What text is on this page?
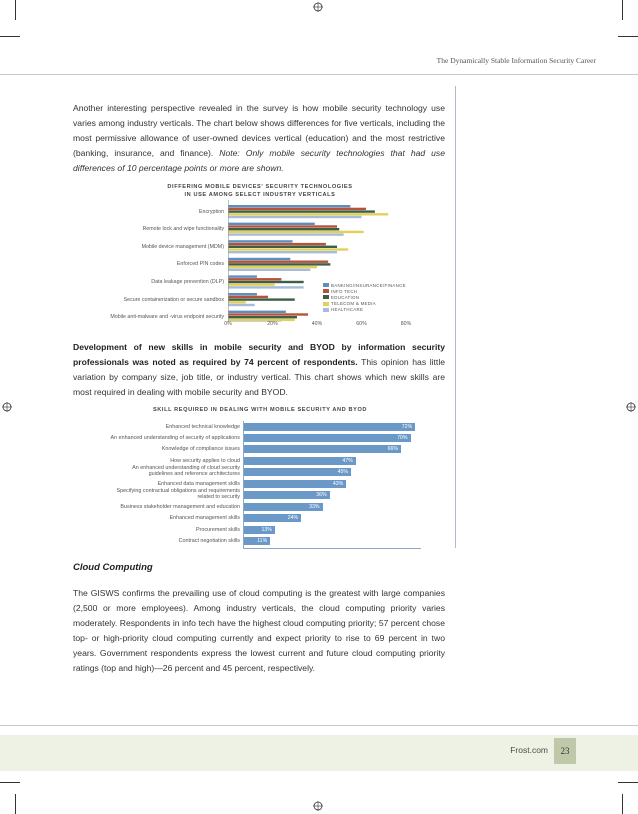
The Dynamically Stable Information Security Career

Another interesting perspective revealed in the survey is how mobile security technology use varies among industry verticals. The chart below shows differences for five verticals, including the most permissive allowance of user-owned devices vertical (education) and the most restrictive (banking, insurance, and finance). Note: Only mobile security technologies that had use differences of 10 percentage points or more are shown.

DIFFERING MOBILE DEVICES' SECURITY TECHNOLOGIES
IN USE AMONG SELECT INDUSTRY VERTICALS
Encryption
Remote lock and wipe functionality
Mobile device management (MDM)
Enforced PIN codes
Data leakage prevention (DLP)
Secure containerization or secure sandbox
Mobile anti-malware and -virus endpoint security
0%	20%	40%	60%	80%
BANKING/INSURANCE/FINANCE
INFO TECH
EDUCATION
TELECOM & MEDIA
HEALTHCARE

Development of new skills in mobile security and BYOD by information security professionals was noted as required by 74 percent of respondents. This opinion has little variation by company size, job title, or industry vertical. This chart shows which new skills are most required in dealing with mobile security and BYOD.

SKILL REQUIRED IN DEALING WITH MOBILE SECURITY AND BYOD
72%
Enhanced technical knowledge
70%
An enhanced understanding of security of applications
66%
Knowledge of compliance issues
47%
How security applies to cloud
45%
An enhanced understanding of cloud security guidelines and reference architectures
43%
Enhanced data management skills
36%
Specifying contractual obligations and requirements related to security
33%
Business stakeholder management and education
24%
Enhanced management skills
13%
Procurement skills
11%
Contract negotiation skills
Cloud Computing

The GISWS confirms the prevailing use of cloud computing is the greatest with large companies (2,500 or more employees). Among industry verticals, the cloud computing priority varies moderately. Respondents in info tech have the highest cloud computing priority; 57 percent chose top- or high-priority cloud computing currently and expect priority to rise to 69 percent in two years. Government respondents express the lowest current and future cloud computing priority ratings (top and high)—26 percent and 45 percent, respectively.

Frost.com	23
